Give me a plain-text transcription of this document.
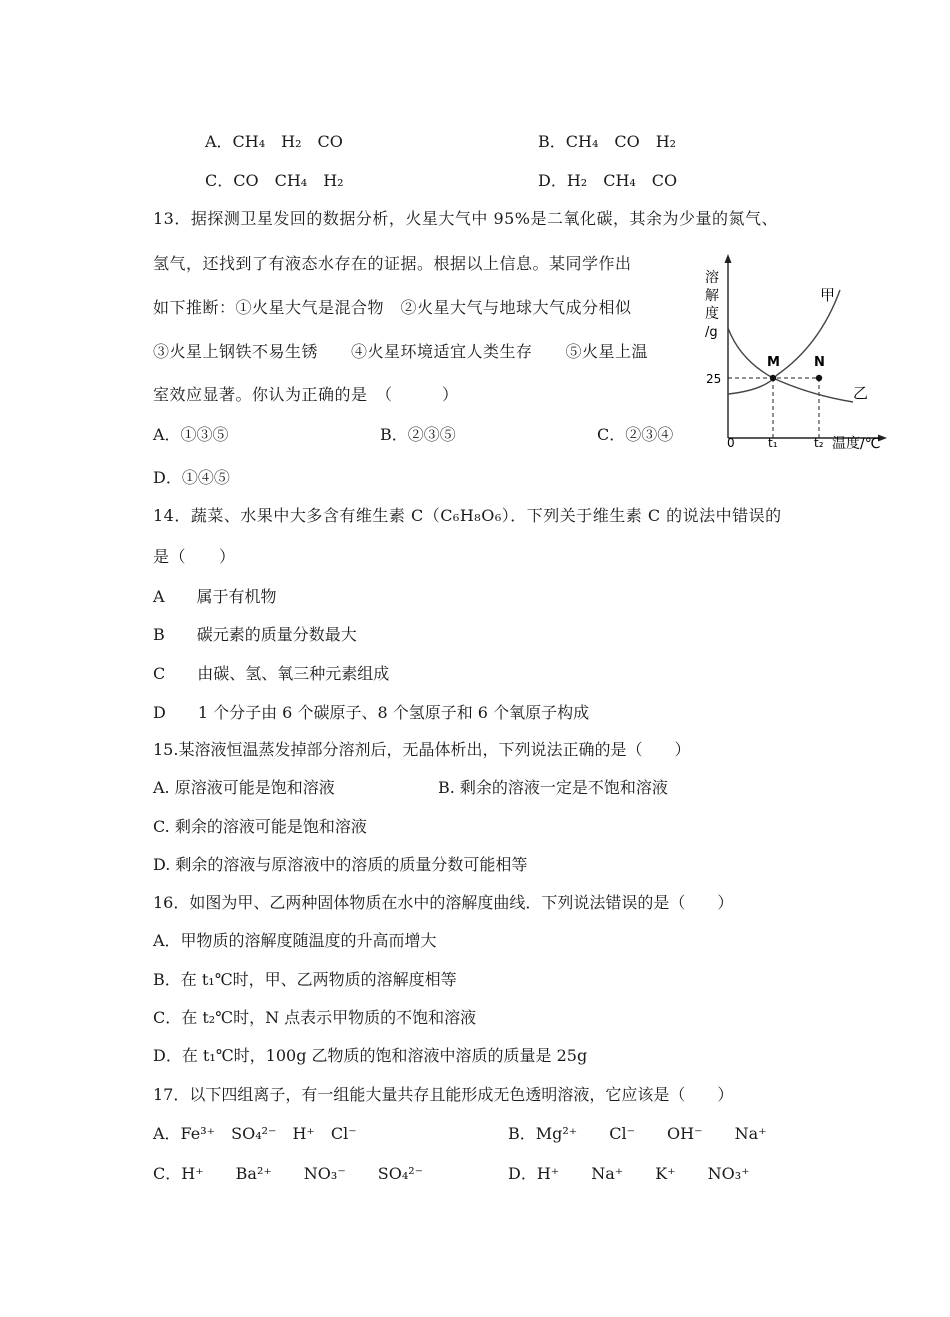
A．CH₄　H₂　CO	B．CH₄　CO　H₂
C．CO　CH₄　H₂	D．H₂　CH₄　CO
13．据探测卫星发回的数据分析，火星大气中 95%是二氧化碳，其余为少量的氮气、
氢气，还找到了有液态水存在的证据。根据以上信息。某同学作出
如下推断：①火星大气是混合物　②火星大气与地球大气成分相似
③火星上钢铁不易生锈　　④火星环境适宜人类生存　　⑤火星上温
室效应显著。你认为正确的是　（　　　）
A．①③⑤	B．②③⑤	C．②③④
D．①④⑤
溶
解
度
/g
甲
乙
M	N
25
0	t₁	t₂ 温度/℃
14．蔬菜、水果中大多含有维生素 C（C₆H₈O₆）．下列关于维生素 C 的说法中错误的
是（　　）
A　　属于有机物
B　　碳元素的质量分数最大
C　　由碳、氢、氧三种元素组成
D　　1 个分子由 6 个碳原子、8 个氢原子和 6 个氧原子构成
15.某溶液恒温蒸发掉部分溶剂后，无晶体析出，下列说法正确的是（　　）
A. 原溶液可能是饱和溶液	B. 剩余的溶液一定是不饱和溶液
C. 剩余的溶液可能是饱和溶液
D. 剩余的溶液与原溶液中的溶质的质量分数可能相等
16．如图为甲、乙两种固体物质在水中的溶解度曲线．下列说法错误的是（　　）
A．甲物质的溶解度随温度的升高而增大
B．在 t₁℃时，甲、乙两物质的溶解度相等
C．在 t₂℃时，N 点表示甲物质的不饱和溶液
D．在 t₁℃时，100g 乙物质的饱和溶液中溶质的质量是 25g
17．以下四组离子，有一组能大量共存且能形成无色透明溶液，它应该是（　　）
A．Fe³⁺　SO₄²⁻　H⁺　Cl⁻	B．Mg²⁺　　Cl⁻　　OH⁻　　Na⁺
C．H⁺　　Ba²⁺　　NO₃⁻　　SO₄²⁻	D．H⁺　　Na⁺　　K⁺　　NO₃⁺
